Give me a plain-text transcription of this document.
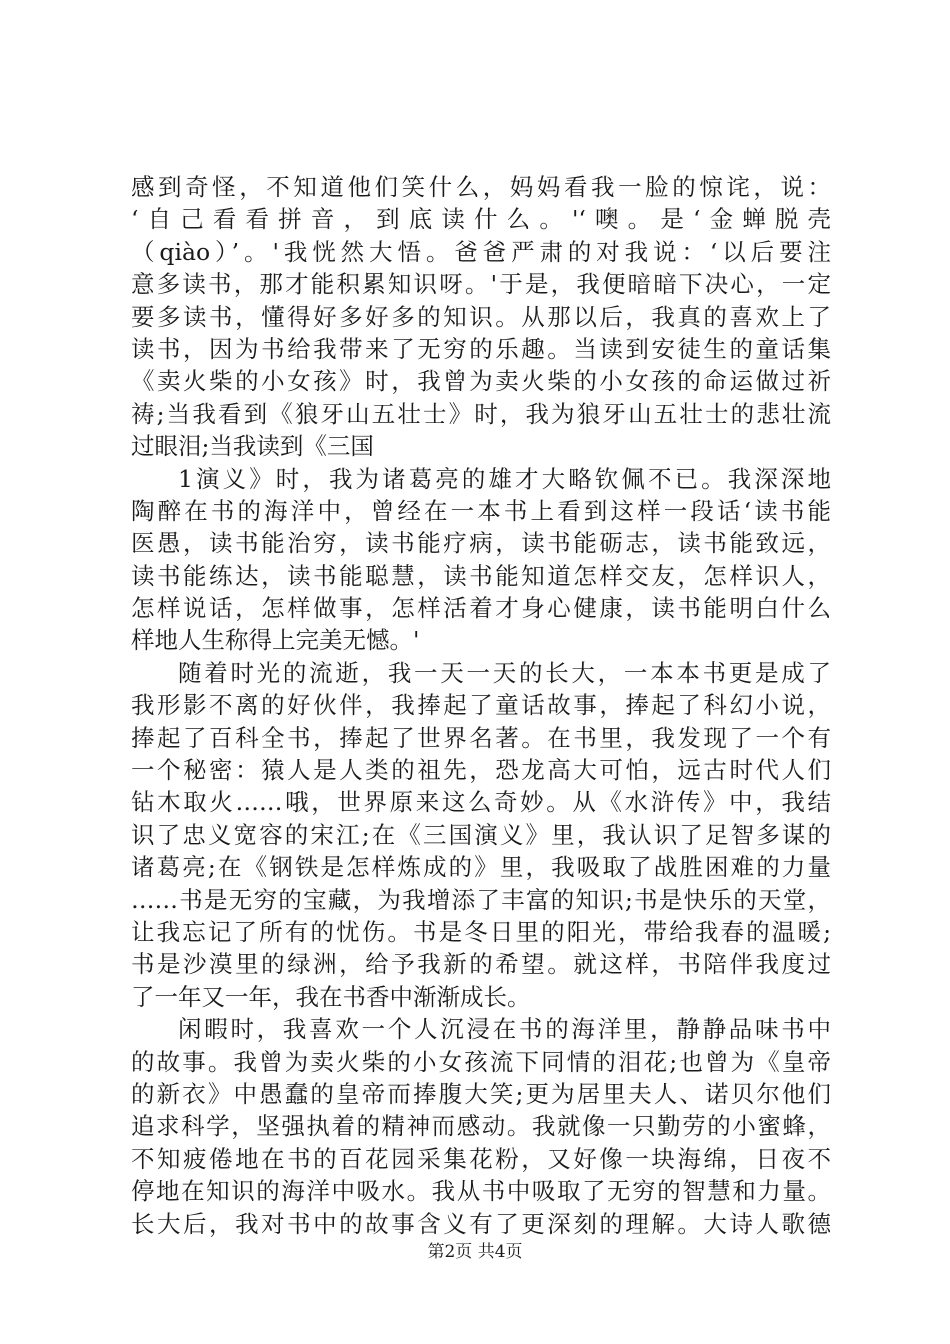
感到奇怪，不知道他们笑什么，妈妈看我一脸的惊诧，说：
‘自己看看拼音，到底读什么。'‘噢。是‘金蝉脱壳
（qiào）’。'我恍然大悟。爸爸严肃的对我说：‘以后要注
意多读书，那才能积累知识呀。'于是，我便暗暗下决心，一定
要多读书，懂得好多好多的知识。从那以后，我真的喜欢上了
读书，因为书给我带来了无穷的乐趣。当读到安徒生的童话集
《卖火柴的小女孩》时，我曾为卖火柴的小女孩的命运做过祈
祷;当我看到《狼牙山五壮士》时，我为狼牙山五壮士的悲壮流
过眼泪;当我读到《三国
1演义》时，我为诸葛亮的雄才大略钦佩不已。我深深地
陶醉在书的海洋中，曾经在一本书上看到这样一段话‘读书能
医愚，读书能治穷，读书能疗病，读书能砺志，读书能致远，
读书能练达，读书能聪慧，读书能知道怎样交友，怎样识人，
怎样说话，怎样做事，怎样活着才身心健康，读书能明白什么
样地人生称得上完美无憾。'
随着时光的流逝，我一天一天的长大，一本本书更是成了
我形影不离的好伙伴，我捧起了童话故事，捧起了科幻小说，
捧起了百科全书，捧起了世界名著。在书里，我发现了一个有
一个秘密：猿人是人类的祖先，恐龙高大可怕，远古时代人们
钻木取火……哦，世界原来这么奇妙。从《水浒传》中，我结
识了忠义宽容的宋江;在《三国演义》里，我认识了足智多谋的
诸葛亮;在《钢铁是怎样炼成的》里，我吸取了战胜困难的力量
……书是无穷的宝藏，为我增添了丰富的知识;书是快乐的天堂，
让我忘记了所有的忧伤。书是冬日里的阳光，带给我春的温暖;
书是沙漠里的绿洲，给予我新的希望。就这样，书陪伴我度过
了一年又一年，我在书香中渐渐成长。
闲暇时，我喜欢一个人沉浸在书的海洋里，静静品味书中
的故事。我曾为卖火柴的小女孩流下同情的泪花;也曾为《皇帝
的新衣》中愚蠢的皇帝而捧腹大笑;更为居里夫人、诺贝尔他们
追求科学，坚强执着的精神而感动。我就像一只勤劳的小蜜蜂，
不知疲倦地在书的百花园采集花粉，又好像一块海绵，日夜不
停地在知识的海洋中吸水。我从书中吸取了无穷的智慧和力量。
长大后，我对书中的故事含义有了更深刻的理解。大诗人歌德
第2页 共4页
